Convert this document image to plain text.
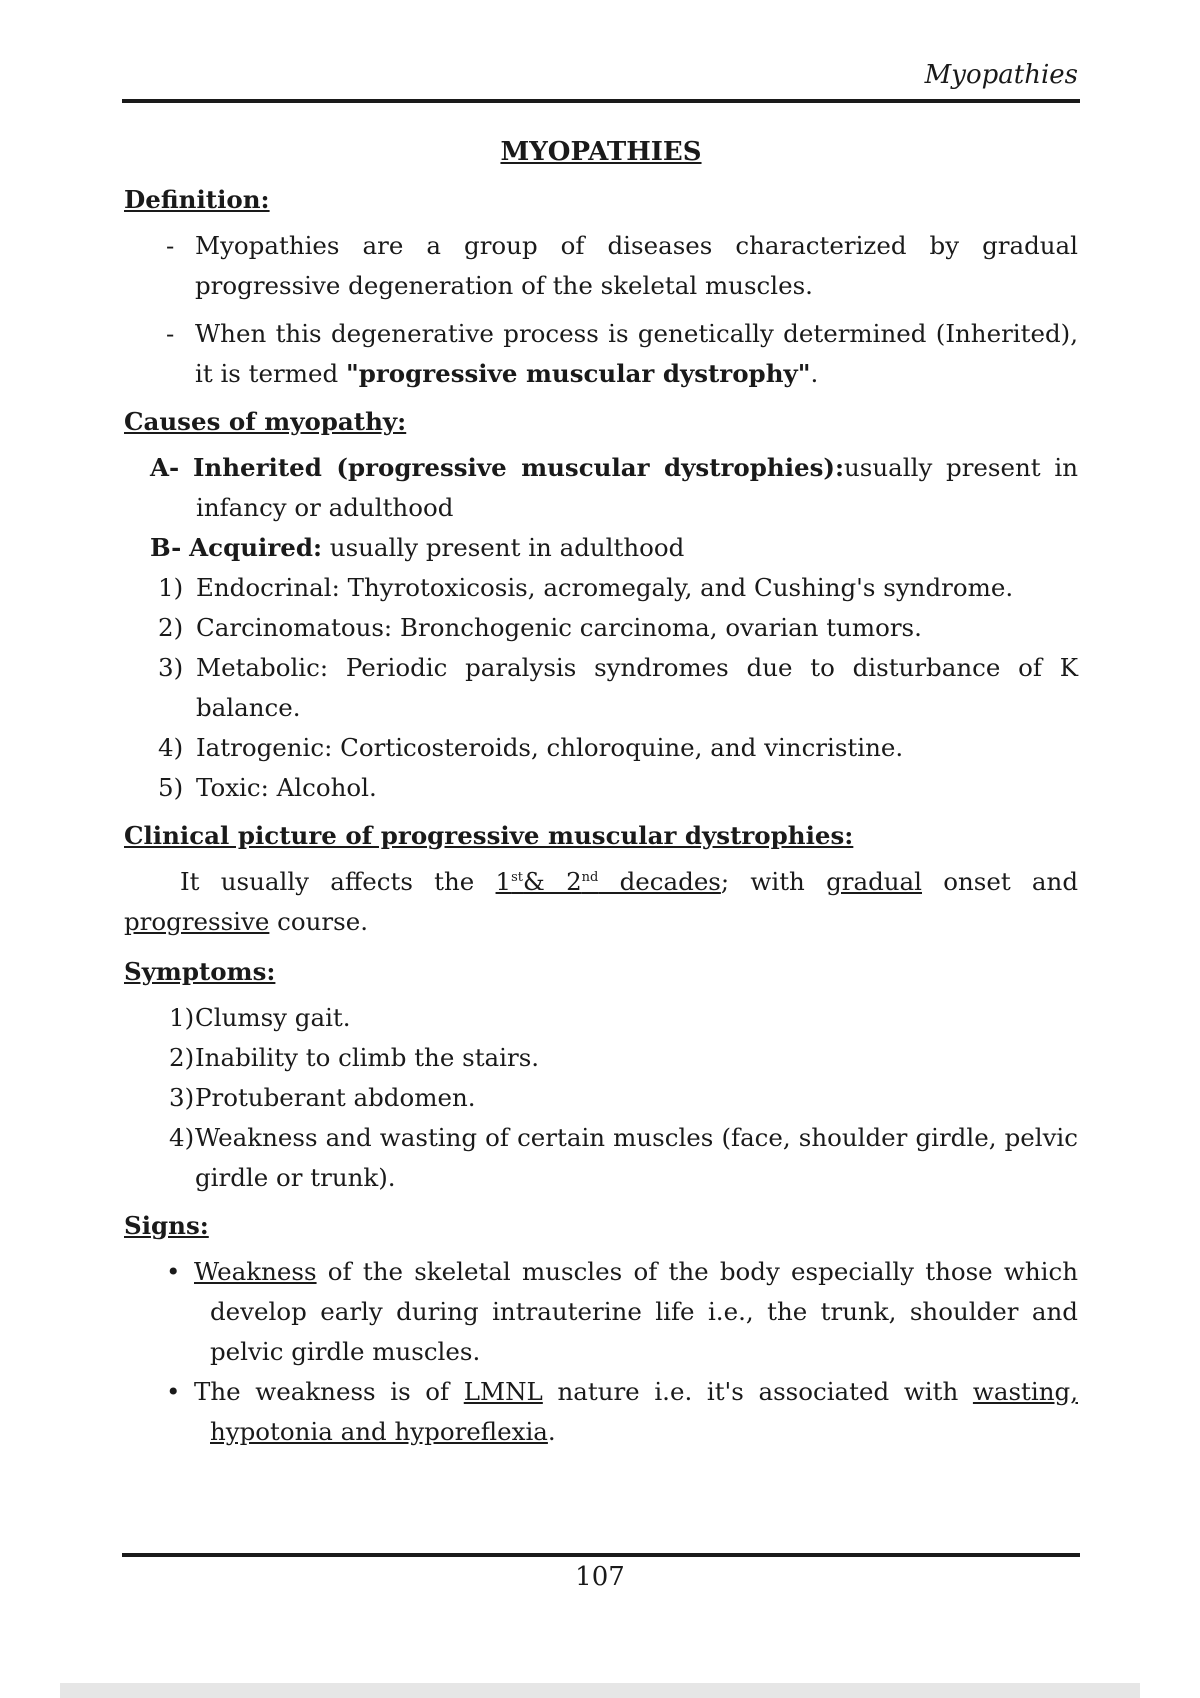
Myopathies
MYOPATHIES
Definition:
- Myopathies are a group of diseases characterized by gradual progressive degeneration of the skeletal muscles.
- When this degenerative process is genetically determined (Inherited), it is termed "progressive muscular dystrophy".
Causes of myopathy:
A- Inherited (progressive muscular dystrophies):usually present in infancy or adulthood
B- Acquired: usually present in adulthood
1) Endocrinal: Thyrotoxicosis, acromegaly, and Cushing's syndrome.
2) Carcinomatous: Bronchogenic carcinoma, ovarian tumors.
3) Metabolic: Periodic paralysis syndromes due to disturbance of K balance.
4) Iatrogenic: Corticosteroids, chloroquine, and vincristine.
5) Toxic: Alcohol.
Clinical picture of progressive muscular dystrophies:
It usually affects the 1st& 2nd decades; with gradual onset and progressive course.
Symptoms:
1) Clumsy gait.
2) Inability to climb the stairs.
3) Protuberant abdomen.
4) Weakness and wasting of certain muscles (face, shoulder girdle, pelvic girdle or trunk).
Signs:
• Weakness of the skeletal muscles of the body especially those which develop early during intrauterine life i.e., the trunk, shoulder and pelvic girdle muscles.
• The weakness is of LMNL nature i.e. it's associated with wasting, hypotonia and hyporeflexia.
107
